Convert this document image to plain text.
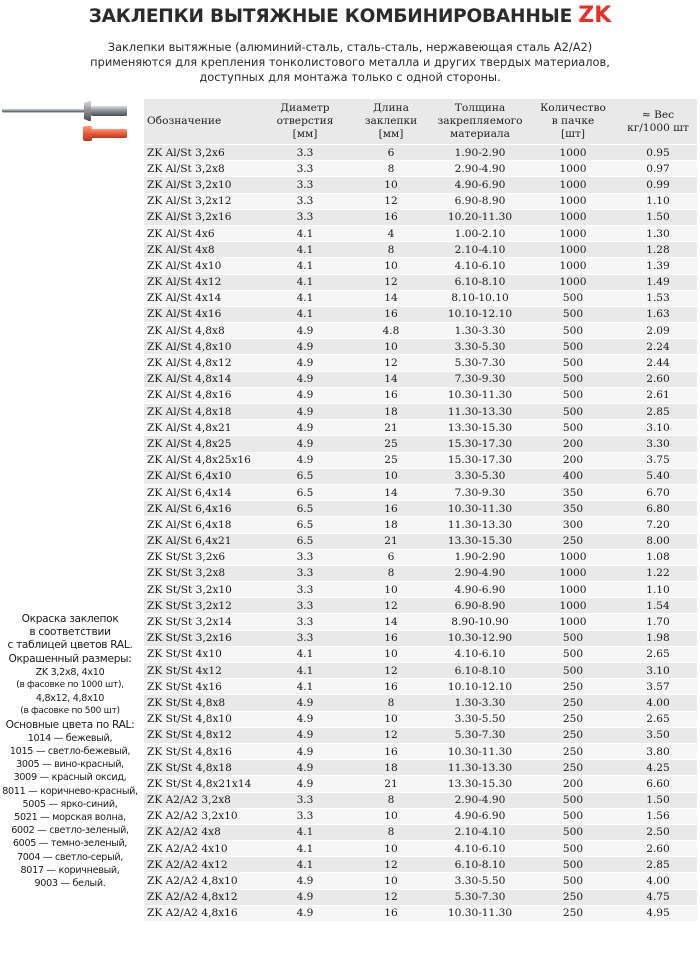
ЗАКЛЕПКИ ВЫТЯЖНЫЕ КОМБИНИРОВАННЫЕ ZK
Заклепки вытяжные (алюминий-сталь, сталь-сталь, нержавеющая сталь А2/А2)
применяются для крепления тонколистового металла и других твердых материалов,
доступных для монтажа только с одной стороны.
Окраска заклепок
в соответствии
с таблицей цветов RAL.
Окрашенный размеры:
ZK 3,2х8, 4х10
(в фасовке по 1000 шт),
4,8х12, 4,8х10
(в фасовке по 500 шт)
Основные цвета по RAL:
1014 — бежевый,
1015 — светло-бежевый,
3005 — вино-красный,
3009 — красный оксид,
8011 — коричнево-красный,
5005 — ярко-синий,
5021 — морская волна,
6002 — светло-зеленый,
6005 — темно-зеленый,
7004 — светло-серый,
8017 — коричневый,
9003 — белый.
Обозначение	Диаметр
отверстия
[мм]	Длина
заклепки
[мм]	Толщина
закрепляемого
материала	Количество
в пачке
[шт]	≈ Вес
кг/1000 шт
ZK Al/St 3,2х6	3.3	6	1.90-2.90	1000	0.95
ZK Al/St 3,2х8	3.3	8	2.90-4.90	1000	0.97
ZK Al/St 3,2х10	3.3	10	4.90-6.90	1000	0.99
ZK Al/St 3,2х12	3.3	12	6.90-8.90	1000	1.10
ZK Al/St 3,2х16	3.3	16	10.20-11.30	1000	1.50
ZK Al/St 4х6	4.1	4	1.00-2.10	1000	1.30
ZK Al/St 4х8	4.1	8	2.10-4.10	1000	1.28
ZK Al/St 4х10	4.1	10	4.10-6.10	1000	1.39
ZK Al/St 4х12	4.1	12	6.10-8.10	1000	1.49
ZK Al/St 4х14	4.1	14	8.10-10.10	500	1.53
ZK Al/St 4х16	4.1	16	10.10-12.10	500	1.63
ZK Al/St 4,8х8	4.9	4.8	1.30-3.30	500	2.09
ZK Al/St 4,8х10	4.9	10	3.30-5.30	500	2.24
ZK Al/St 4,8х12	4.9	12	5.30-7.30	500	2.44
ZK Al/St 4,8х14	4.9	14	7.30-9.30	500	2.60
ZK Al/St 4,8х16	4.9	16	10.30-11.30	500	2.61
ZK Al/St 4,8х18	4.9	18	11.30-13.30	500	2.85
ZK Al/St 4,8х21	4.9	21	13.30-15.30	500	3.10
ZK Al/St 4,8х25	4.9	25	15.30-17.30	200	3.30
ZK Al/St 4,8х25х16	4.9	25	15.30-17.30	200	3.75
ZK Al/St 6,4х10	6.5	10	3.30-5.30	400	5.40
ZK Al/St 6,4х14	6.5	14	7.30-9.30	350	6.70
ZK Al/St 6,4х16	6.5	16	10.30-11.30	350	6.80
ZK Al/St 6,4х18	6.5	18	11.30-13.30	300	7.20
ZK Al/St 6,4х21	6.5	21	13.30-15.30	250	8.00
ZK St/St 3,2х6	3.3	6	1.90-2.90	1000	1.08
ZK St/St 3,2х8	3.3	8	2.90-4.90	1000	1.22
ZK St/St 3,2х10	3.3	10	4.90-6.90	1000	1.10
ZK St/St 3,2х12	3.3	12	6.90-8.90	1000	1.54
ZK St/St 3,2х14	3.3	14	8.90-10.90	1000	1.70
ZK St/St 3,2х16	3.3	16	10.30-12.90	500	1.98
ZK St/St 4х10	4.1	10	4.10-6.10	500	2.65
ZK St/St 4х12	4.1	12	6.10-8.10	500	3.10
ZK St/St 4х16	4.1	16	10.10-12.10	250	3.57
ZK St/St 4,8х8	4.9	8	1.30-3.30	250	4.00
ZK St/St 4,8х10	4.9	10	3.30-5.50	250	2.65
ZK St/St 4,8х12	4.9	12	5.30-7.30	250	3.50
ZK St/St 4,8х16	4.9	16	10.30-11.30	250	3.80
ZK St/St 4,8х18	4.9	18	11.30-13.30	250	4.25
ZK St/St 4,8х21х14	4.9	21	13.30-15.30	200	6.60
ZK A2/A2 3,2х8	3.3	8	2.90-4.90	500	1.50
ZK A2/A2 3,2х10	3.3	10	4.90-6.90	500	1.56
ZK A2/A2 4х8	4.1	8	2.10-4.10	500	2.50
ZK A2/A2 4х10	4.1	10	4.10-6.10	500	2.60
ZK A2/A2 4х12	4.1	12	6.10-8.10	500	2.85
ZK A2/A2 4,8х10	4.9	10	3.30-5.50	500	4.00
ZK A2/A2 4,8х12	4.9	12	5.30-7.30	250	4.75
ZK A2/A2 4,8х16	4.9	16	10.30-11.30	250	4.95
